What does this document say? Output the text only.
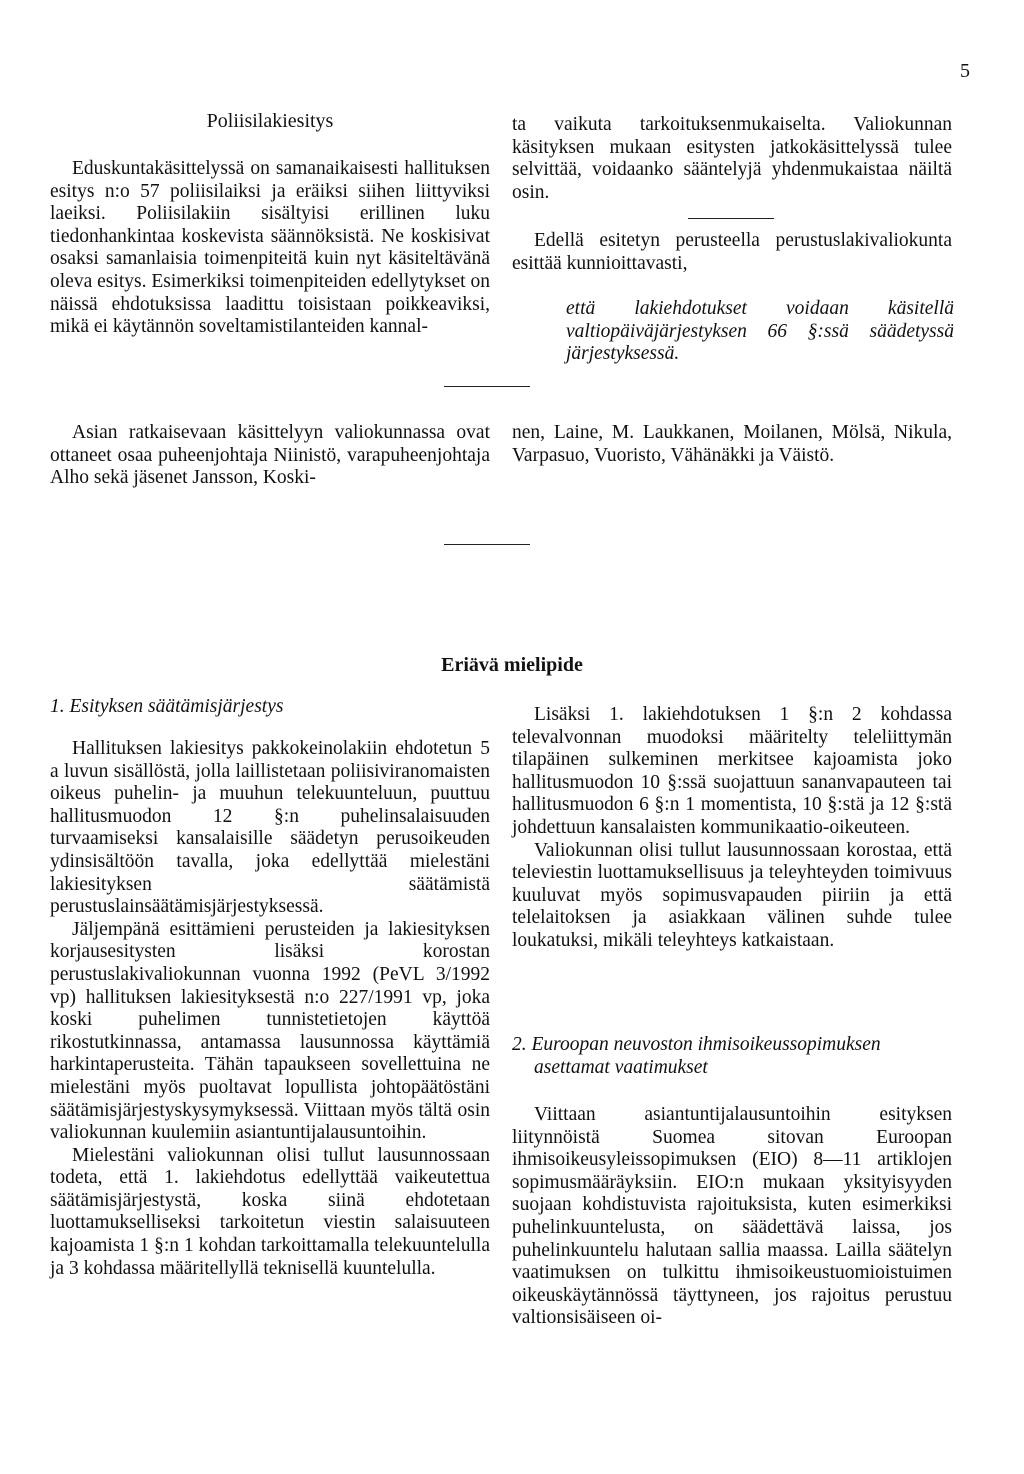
5
Poliisilakiesitys

Eduskuntakäsittelyssä on samanaikaisesti hallituksen esitys n:o 57 poliisilaiksi ja eräiksi siihen liittyviksi laeiksi. Poliisilakiin sisältyisi erillinen luku tiedonhankintaa koskevista säännöksistä. Ne koskisivat osaksi samanlaisia toimenpiteitä kuin nyt käsiteltävänä oleva esitys. Esimerkiksi toimenpiteiden edellytykset on näissä ehdotuksissa laadittu toisistaan poikkeaviksi, mikä ei käytännön soveltamistilanteiden kannal-

ta vaikuta tarkoituksenmukaiselta. Valiokunnan käsityksen mukaan esitysten jatkokäsittelyssä tulee selvittää, voidaanko sääntelyjä yhdenmukaistaa näiltä osin.

Edellä esitetyn perusteella perustuslakivaliokunta esittää kunnioittavasti,

että lakiehdotukset voidaan käsitellä valtiopäiväjärjestyksen 66 §:ssä säädetyssä järjestyksessä.

Asian ratkaisevaan käsittelyyn valiokunnassa ovat ottaneet osaa puheenjohtaja Niinistö, varapuheenjohtaja Alho sekä jäsenet Jansson, Koski-

nen, Laine, M. Laukkanen, Moilanen, Mölsä, Nikula, Varpasuo, Vuoristo, Vähänäkki ja Väistö.

Eriävä mielipide
1. Esityksen säätämisjärjestys

Hallituksen lakiesitys pakkokeinolakiin ehdotetun 5 a luvun sisällöstä, jolla laillistetaan poliisiviranomaisten oikeus puhelin- ja muuhun telekuunteluun, puuttuu hallitusmuodon 12 §:n puhelinsalaisuuden turvaamiseksi kansalaisille säädetyn perusoikeuden ydinsisältöön tavalla, joka edellyttää mielestäni lakiesityksen säätämistä perustuslainsäätämisjärjestyksessä.

Jäljempänä esittämieni perusteiden ja lakiesityksen korjausesitysten lisäksi korostan perustuslakivaliokunnan vuonna 1992 (PeVL 3/1992 vp) hallituksen lakiesityksestä n:o 227/1991 vp, joka koski puhelimen tunnistetietojen käyttöä rikostutkinnassa, antamassa lausunnossa käyttämiä harkintaperusteita. Tähän tapaukseen sovellettuina ne mielestäni myös puoltavat lopullista johtopäätöstäni säätämisjärjestyskysymyksessä. Viittaan myös tältä osin valiokunnan kuulemiin asiantuntijalausuntoihin.

Mielestäni valiokunnan olisi tullut lausunnossaan todeta, että 1. lakiehdotus edellyttää vaikeutettua säätämisjärjestystä, koska siinä ehdotetaan luottamukselliseksi tarkoitetun viestin salaisuuteen kajoamista 1 §:n 1 kohdan tarkoittamalla telekuuntelulla ja 3 kohdassa määritellyllä teknisellä kuuntelulla.

Lisäksi 1. lakiehdotuksen 1 §:n 2 kohdassa televalvonnan muodoksi määritelty teleliittymän tilapäinen sulkeminen merkitsee kajoamista joko hallitusmuodon 10 §:ssä suojattuun sananvapauteen tai hallitusmuodon 6 §:n 1 momentista, 10 §:stä ja 12 §:stä johdettuun kansalaisten kommunikaatio-oikeuteen.

Valiokunnan olisi tullut lausunnossaan korostaa, että televiestin luottamuksellisuus ja teleyhteyden toimivuus kuuluvat myös sopimusvapauden piiriin ja että telelaitoksen ja asiakkaan välinen suhde tulee loukatuksi, mikäli teleyhteys katkaistaan.

2. Euroopan neuvoston ihmisoikeussopimuksen
asettamat vaatimukset

Viittaan asiantuntijalausuntoihin esityksen liitynnöistä Suomea sitovan Euroopan ihmisoikeusyleissopimuksen (EIO) 8—11 artiklojen sopimusmääräyksiin. EIO:n mukaan yksityisyyden suojaan kohdistuvista rajoituksista, kuten esimerkiksi puhelinkuuntelusta, on säädettävä laissa, jos puhelinkuuntelu halutaan sallia maassa. Laillа säätelyn vaatimuksen on tulkittu ihmisoikeustuomioistuimen oikeuskäytännössä täyttyneen, jos rajoitus perustuu valtionsisäiseen oi-
